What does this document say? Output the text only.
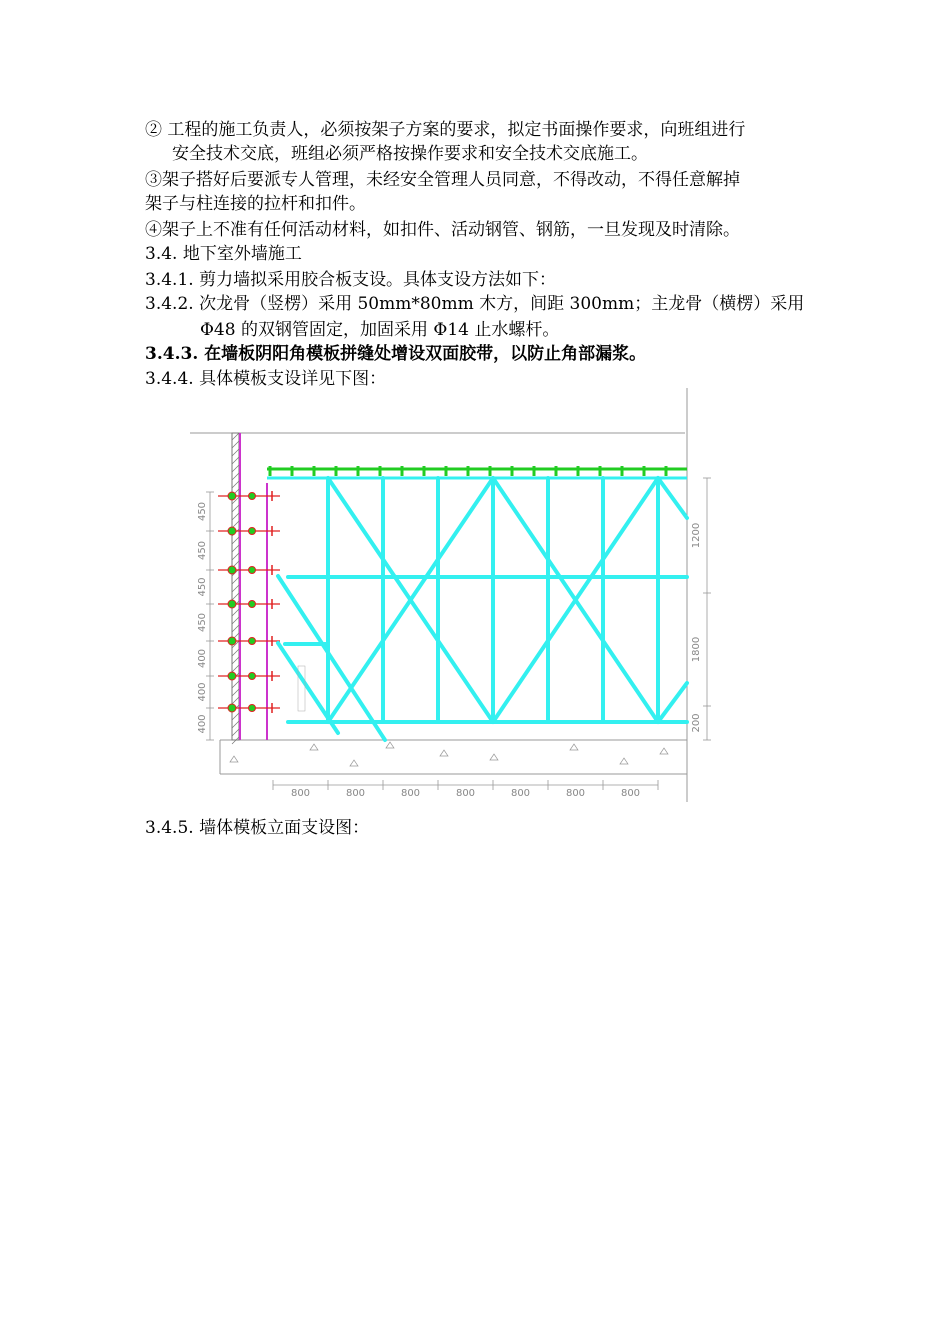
② 工程的施工负责人，必须按架子方案的要求，拟定书面操作要求，向班组进行
安全技术交底，班组必须严格按操作要求和安全技术交底施工。
③架子搭好后要派专人管理，未经安全管理人员同意，不得改动，不得任意解掉
架子与柱连接的拉杆和扣件。
④架子上不准有任何活动材料，如扣件、活动钢管、钢筋，一旦发现及时清除。
3.4. 地下室外墙施工
3.4.1. 剪力墙拟采用胶合板支设。具体支设方法如下：
3.4.2. 次龙骨（竖楞）采用 50mm*80mm 木方，间距 300mm；主龙骨（横楞）采用
Φ48 的双钢管固定，加固采用 Φ14 止水螺杆。
3.4.3. 在墙板阴阳角模板拼缝处增设双面胶带，以防止角部漏浆。
3.4.4. 具体模板支设详见下图：
450
450
450
450
400
400
400
1200
1800
200
800	800	800	800	800	800	800
3.4.5. 墙体模板立面支设图：
